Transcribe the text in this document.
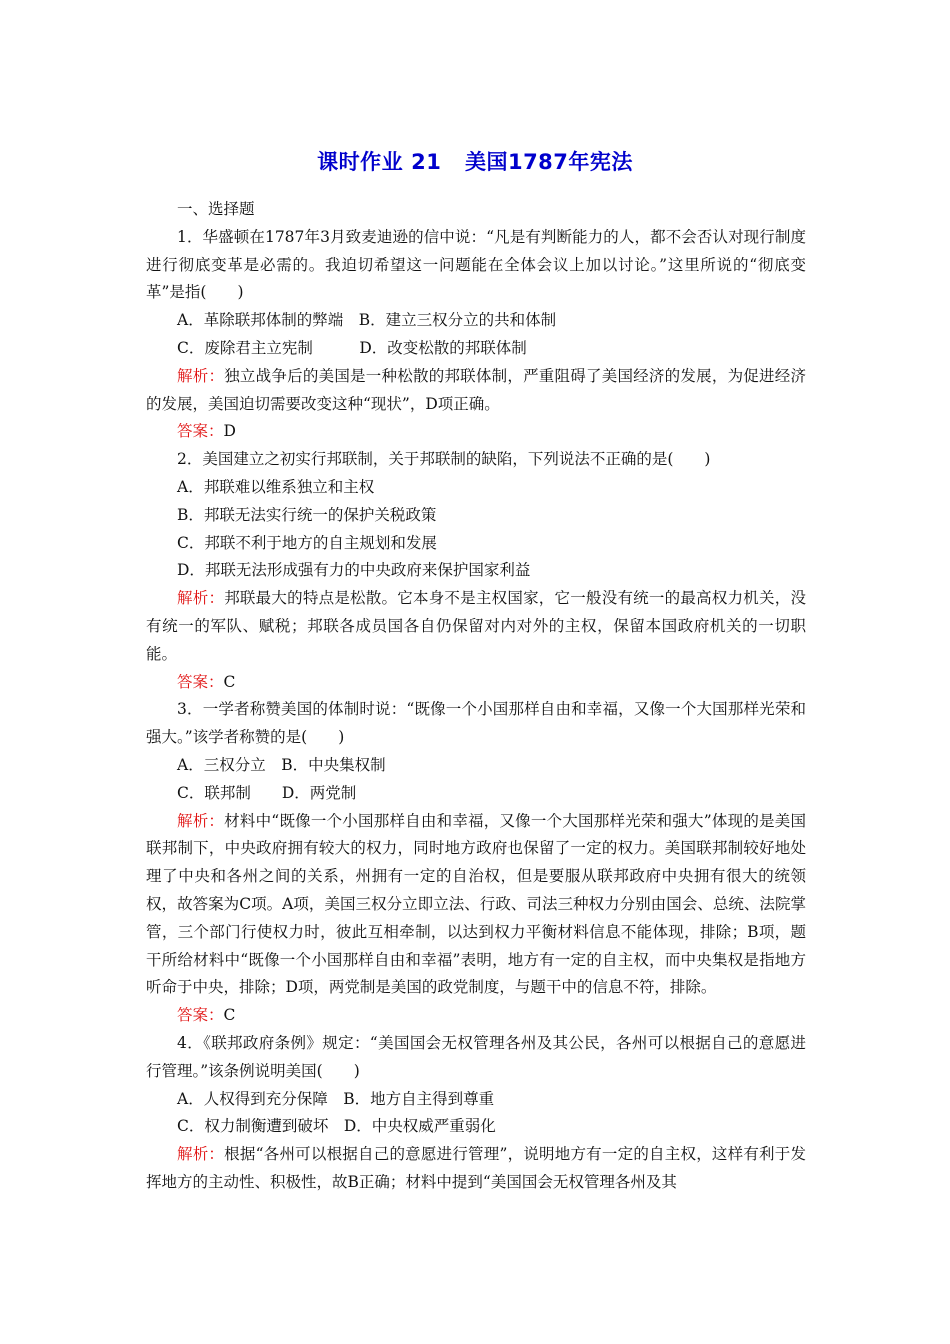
课时作业 21 美国1787年宪法

一、选择题

1．华盛顿在1787年3月致麦迪逊的信中说：“凡是有判断能力的人，都不会否认对现行制度进行彻底变革是必需的。我迫切希望这一问题能在全体会议上加以讨论。”这里所说的“彻底变革”是指(　　)

A．革除联邦体制的弊端　B．建立三权分立的共和体制

C．废除君主立宪制　　　D．改变松散的邦联体制

解析：独立战争后的美国是一种松散的邦联体制，严重阻碍了美国经济的发展，为促进经济的发展，美国迫切需要改变这种“现状”，D项正确。

答案：D

2．美国建立之初实行邦联制，关于邦联制的缺陷，下列说法不正确的是(　　)

A．邦联难以维系独立和主权

B．邦联无法实行统一的保护关税政策

C．邦联不利于地方的自主规划和发展

D．邦联无法形成强有力的中央政府来保护国家利益

解析：邦联最大的特点是松散。它本身不是主权国家，它一般没有统一的最高权力机关，没有统一的军队、赋税；邦联各成员国各自仍保留对内对外的主权，保留本国政府机关的一切职能。

答案：C

3．一学者称赞美国的体制时说：“既像一个小国那样自由和幸福，又像一个大国那样光荣和强大。”该学者称赞的是(　　)

A．三权分立　B．中央集权制

C．联邦制　　D．两党制

解析：材料中“既像一个小国那样自由和幸福，又像一个大国那样光荣和强大”体现的是美国联邦制下，中央政府拥有较大的权力，同时地方政府也保留了一定的权力。美国联邦制较好地处理了中央和各州之间的关系，州拥有一定的自治权，但是要服从联邦政府中央拥有很大的统领权，故答案为C项。A项，美国三权分立即立法、行政、司法三种权力分别由国会、总统、法院掌管，三个部门行使权力时，彼此互相牵制，以达到权力平衡材料信息不能体现，排除；B项，题干所给材料中“既像一个小国那样自由和幸福”表明，地方有一定的自主权，而中央集权是指地方听命于中央，排除；D项，两党制是美国的政党制度，与题干中的信息不符，排除。

答案：C

4．《联邦政府条例》规定：“美国国会无权管理各州及其公民，各州可以根据自己的意愿进行管理。”该条例说明美国(　　)

A．人权得到充分保障　B．地方自主得到尊重

C．权力制衡遭到破坏　D．中央权威严重弱化

解析：根据“各州可以根据自己的意愿进行管理”，说明地方有一定的自主权，这样有利于发挥地方的主动性、积极性，故B正确；材料中提到“美国国会无权管理各州及其
